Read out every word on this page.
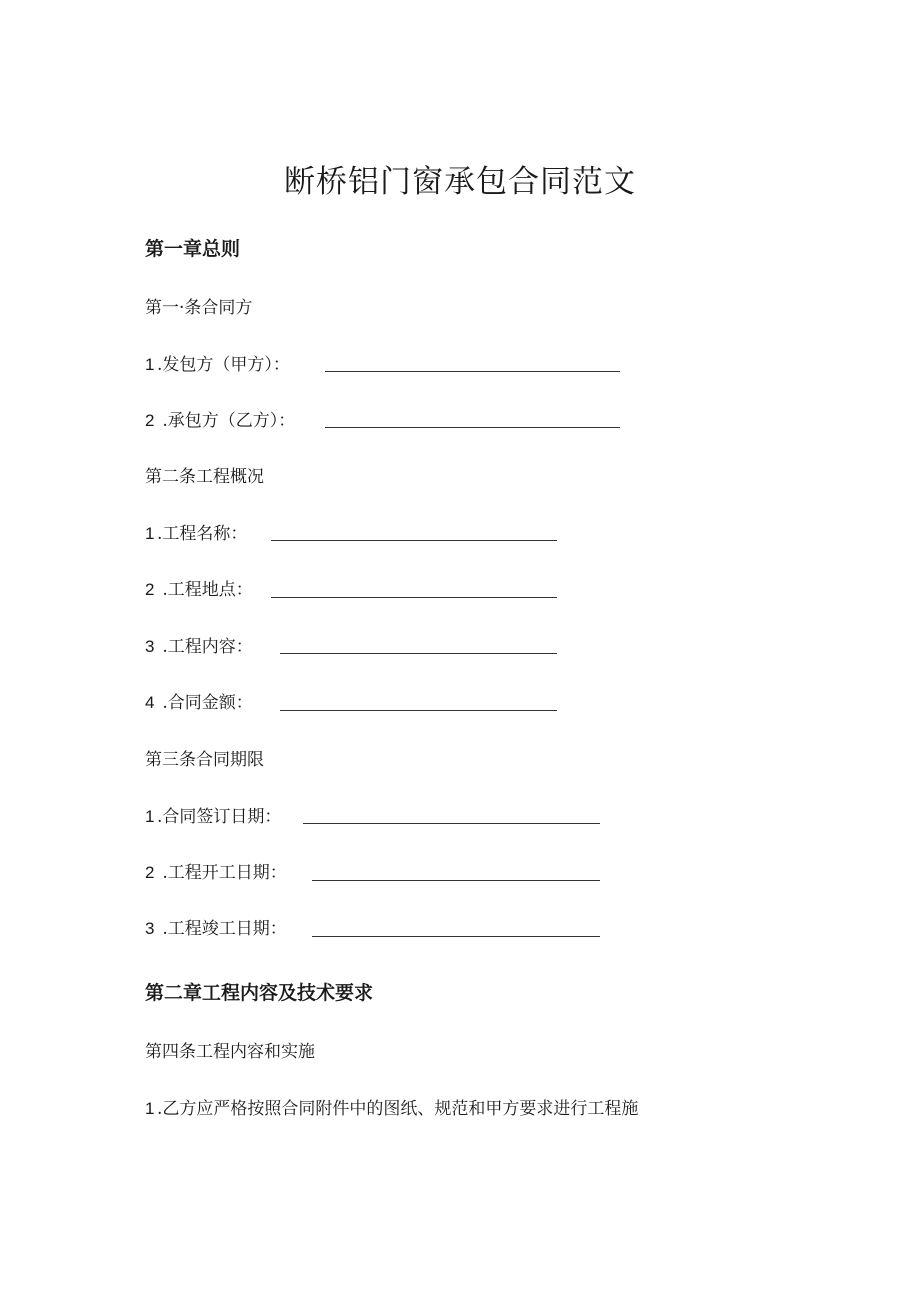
断桥铝门窗承包合同范文
第一章总则
第一·条合同方
1 .发包方（甲方）：
2 .承包方（乙方）：
第二条工程概况
1 .工程名称：
2 .工程地点：
3 .工程内容：
4 .合同金额：
第三条合同期限
1 .合同签订日期：
2 .工程开工日期：
3 .工程竣工日期：
第二章工程内容及技术要求
第四条工程内容和实施
1 .乙方应严格按照合同附件中的图纸、规范和甲方要求进行工程施
